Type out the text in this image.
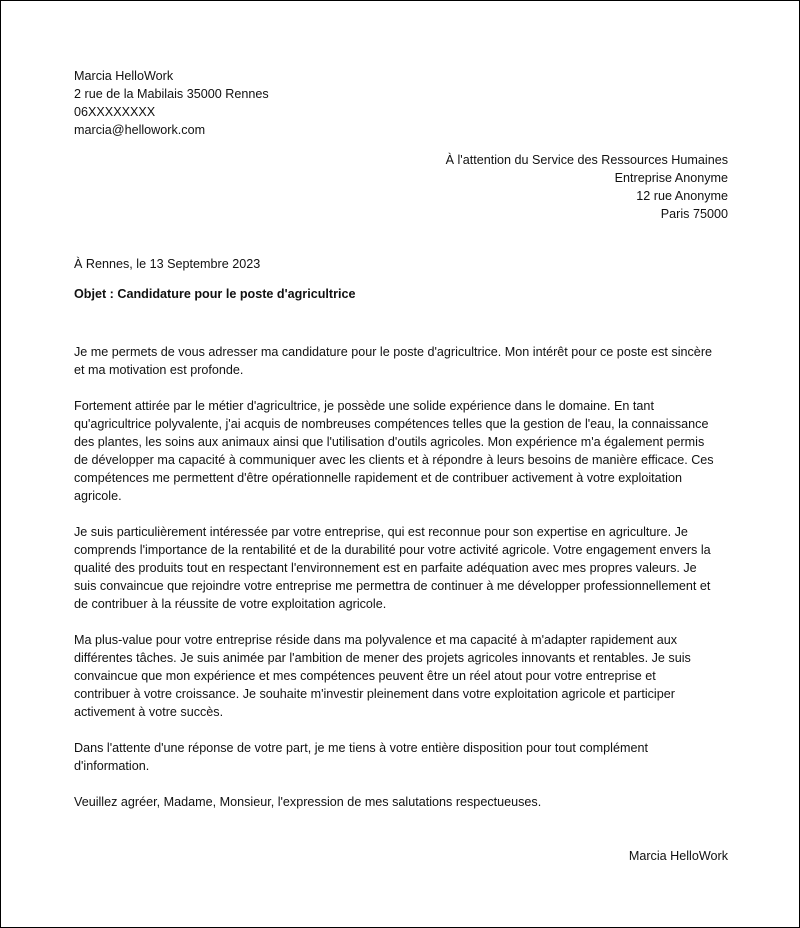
Marcia HelloWork
2 rue de la Mabilais 35000 Rennes
06XXXXXXXX
marcia@hellowork.com
À l'attention du Service des Ressources Humaines
Entreprise Anonyme
12 rue Anonyme
Paris 75000
À Rennes, le 13 Septembre 2023
Objet : Candidature pour le poste d'agricultrice
Je me permets de vous adresser ma candidature pour le poste d'agricultrice. Mon intérêt pour ce poste est sincère
et ma motivation est profonde.
Fortement attirée par le métier d'agricultrice, je possède une solide expérience dans le domaine. En tant
qu'agricultrice polyvalente, j'ai acquis de nombreuses compétences telles que la gestion de l'eau, la connaissance
des plantes, les soins aux animaux ainsi que l'utilisation d'outils agricoles. Mon expérience m'a également permis
de développer ma capacité à communiquer avec les clients et à répondre à leurs besoins de manière efficace. Ces
compétences me permettent d'être opérationnelle rapidement et de contribuer activement à votre exploitation
agricole.
Je suis particulièrement intéressée par votre entreprise, qui est reconnue pour son expertise en agriculture. Je
comprends l'importance de la rentabilité et de la durabilité pour votre activité agricole. Votre engagement envers la
qualité des produits tout en respectant l'environnement est en parfaite adéquation avec mes propres valeurs. Je
suis convaincue que rejoindre votre entreprise me permettra de continuer à me développer professionnellement et
de contribuer à la réussite de votre exploitation agricole.
Ma plus-value pour votre entreprise réside dans ma polyvalence et ma capacité à m'adapter rapidement aux
différentes tâches. Je suis animée par l'ambition de mener des projets agricoles innovants et rentables. Je suis
convaincue que mon expérience et mes compétences peuvent être un réel atout pour votre entreprise et
contribuer à votre croissance. Je souhaite m'investir pleinement dans votre exploitation agricole et participer
activement à votre succès.
Dans l'attente d'une réponse de votre part, je me tiens à votre entière disposition pour tout complément
d'information.
Veuillez agréer, Madame, Monsieur, l'expression de mes salutations respectueuses.
Marcia HelloWork
